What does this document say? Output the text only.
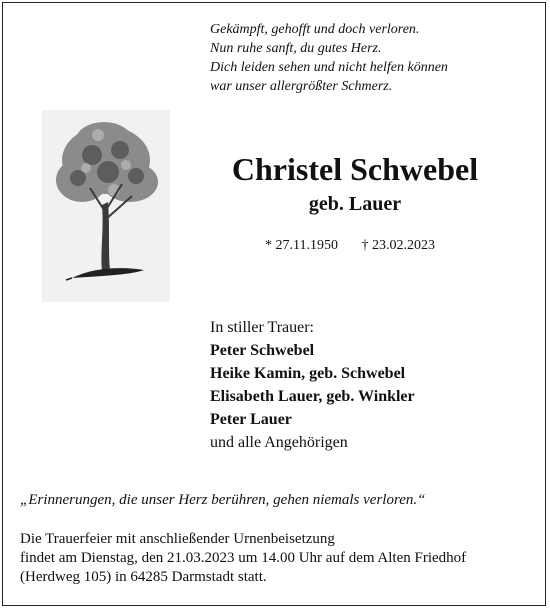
Gekämpft, gehofft und doch verloren.
Nun ruhe sanft, du gutes Herz.
Dich leiden sehen und nicht helfen können
war unser allergrößter Schmerz.
Christel Schwebel
geb. Lauer
* 27.11.1950 † 23.02.2023
In stiller Trauer:
Peter Schwebel
Heike Kamin, geb. Schwebel
Elisabeth Lauer, geb. Winkler
Peter Lauer
und alle Angehörigen
„Erinnerungen, die unser Herz berühren, gehen niemals verloren.“
Die Trauerfeier mit anschließender Urnenbeisetzung
findet am Dienstag, den 21.03.2023 um 14.00 Uhr auf dem Alten Friedhof
(Herdweg 105) in 64285 Darmstadt statt.
